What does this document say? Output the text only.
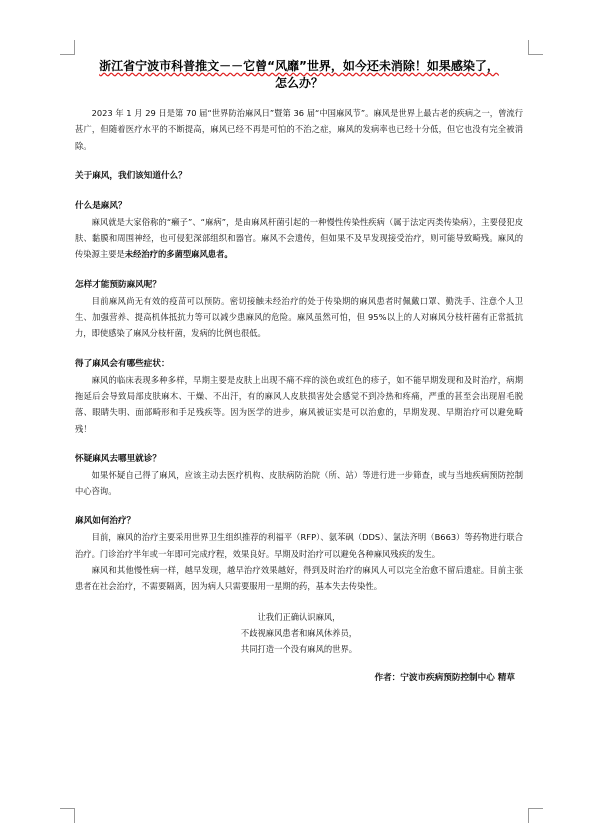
浙江省宁波市科普推文－－它曾“风靡”世界，如今还未消除！如果感染了，
怎么办？

2023 年 1 月 29 日是第 70 届“世界防治麻风日”暨第 36 届“中国麻风节”。麻风是世界上最古老的疾病之一，曾流行甚广，但随着医疗水平的不断提高，麻风已经不再是可怕的不治之症，麻风的发病率也已经十分低，但它也没有完全被消除。

关于麻风，我们该知道什么？

什么是麻风？

麻风就是大家俗称的“癞子”、“麻病”，是由麻风杆菌引起的一种慢性传染性疾病（属于法定丙类传染病），主要侵犯皮肤、黏膜和周围神经，也可侵犯深部组织和器官。麻风不会遗传，但如果不及早发现接受治疗，则可能导致畸残。麻风的传染源主要是未经治疗的多菌型麻风患者。

怎样才能预防麻风呢？

目前麻风尚无有效的疫苗可以预防。密切接触未经治疗的处于传染期的麻风患者时佩戴口罩、勤洗手、注意个人卫生、加强营养、提高机体抵抗力等可以减少患麻风的危险。麻风虽然可怕，但 95%以上的人对麻风分枝杆菌有正常抵抗力，即使感染了麻风分枝杆菌，发病的比例也很低。

得了麻风会有哪些症状：

麻风的临床表现多种多样，早期主要是皮肤上出现不痛不痒的淡色或红色的疹子，如不能早期发现和及时治疗，病期拖延后会导致局部皮肤麻木、干燥、不出汗，有的麻风人皮肤损害处会感觉不到冷热和疼痛，严重的甚至会出现眉毛脱落、眼睛失明、面部畸形和手足残疾等。因为医学的进步，麻风被证实是可以治愈的，早期发现、早期治疗可以避免畸残！

怀疑麻风去哪里就诊？

如果怀疑自己得了麻风，应该主动去医疗机构、皮肤病防治院（所、站）等进行进一步筛查，或与当地疾病预防控制中心咨询。

麻风如何治疗？

目前，麻风的治疗主要采用世界卫生组织推荐的利福平（RFP）、氨苯砜（DDS）、氯法齐明（B663）等药物进行联合治疗。门诊治疗半年或一年即可完成疗程，效果良好。早期及时治疗可以避免各种麻风残疾的发生。

麻风和其他慢性病一样，越早发现，越早治疗效果越好，得到及时治疗的麻风人可以完全治愈不留后遗症。目前主张患者在社会治疗，不需要隔离，因为病人只需要服用一星期的药，基本失去传染性。

让我们正确认识麻风，

不歧视麻风患者和麻风休养员，

共同打造一个没有麻风的世界。

作者：宁波市疾病预防控制中心 精草
